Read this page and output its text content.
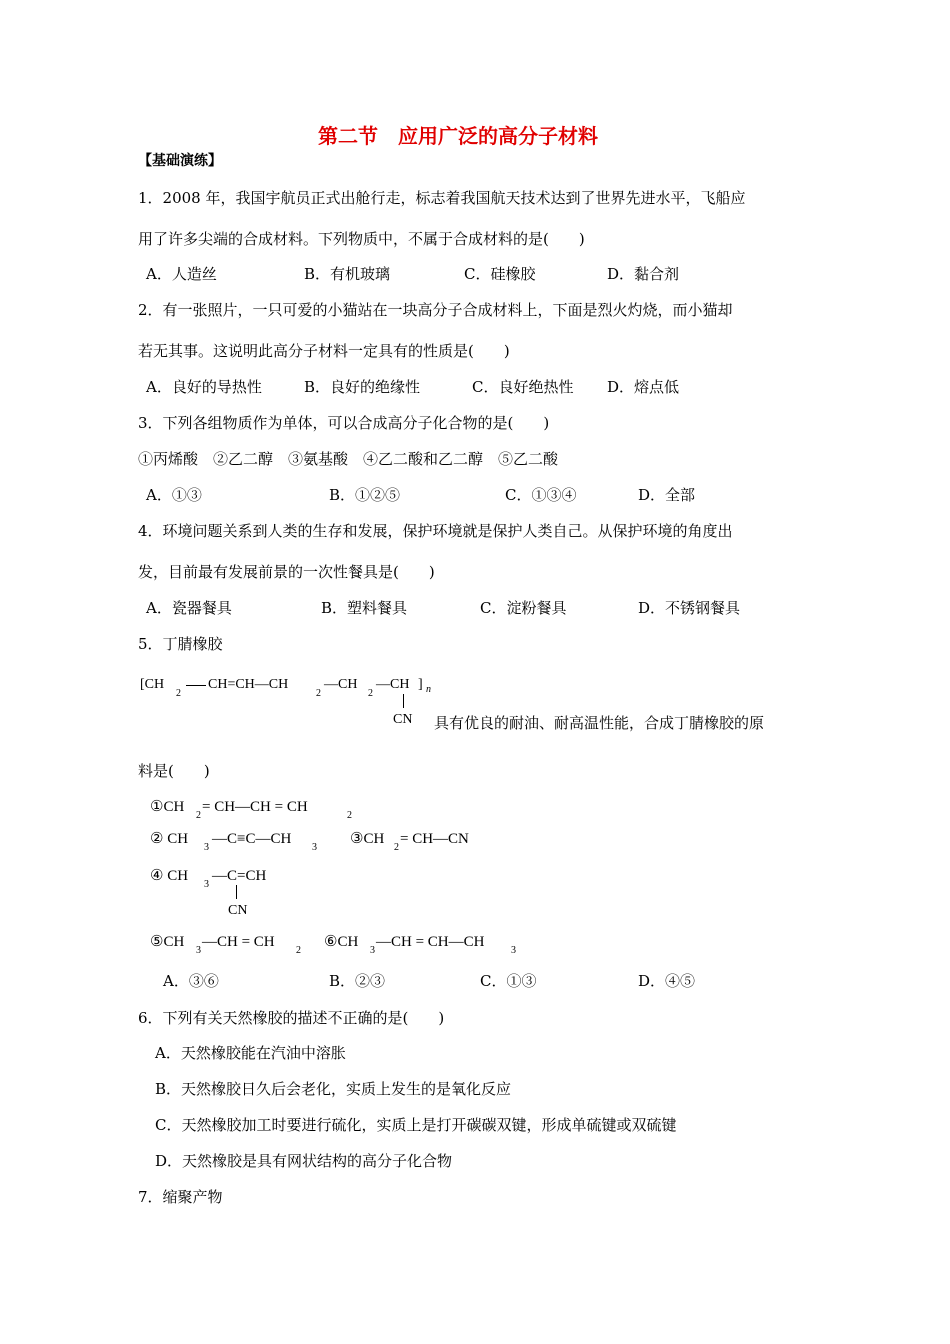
第二节　应用广泛的高分子材料
【基础演练】
1．2008 年，我国宇航员正式出舱行走，标志着我国航天技术达到了世界先进水平，飞船应
用了许多尖端的合成材料。下列物质中，不属于合成材料的是(　　)
A．人造丝	B．有机玻璃	C．硅橡胶	D．黏合剂
2．有一张照片，一只可爱的小猫站在一块高分子合成材料上，下面是烈火灼烧，而小猫却
若无其事。这说明此高分子材料一定具有的性质是(　　)
A．良好的导热性	B．良好的绝缘性	C．良好绝热性 D．熔点低
3．下列各组物质作为单体，可以合成高分子化合物的是(　　)
①丙烯酸　②乙二醇　③氨基酸　④乙二酸和乙二醇　⑤乙二酸
A．①③	B．①②⑤	C．①③④	D．全部
4．环境问题关系到人类的生存和发展，保护环境就是保护人类自己。从保护环境的角度出
发，目前最有发展前景的一次性餐具是(　　)
A．瓷器餐具	B．塑料餐具	C．淀粉餐具	D．不锈钢餐具
5．丁腈橡胶
[CH
2
CH=CH—CH
2
—CH
2
—CH ] n
CN 具有优良的耐油、耐高温性能，合成丁腈橡胶的原
料是(　　)
①CH
2
= CH—CH = CH
2
② CH
3
—C≡C—CH
3
③CH
2
= CH—CN
④ CH
3
—C=CH
CN
⑤CH
3
—CH = CH
2
⑥CH
3
—CH = CH—CH
3
A．③⑥	B．②③	C．①③	D．④⑤
6．下列有关天然橡胶的描述不正确的是(　　)
A．天然橡胶能在汽油中溶胀
B．天然橡胶日久后会老化，实质上发生的是氧化反应
C．天然橡胶加工时要进行硫化，实质上是打开碳碳双键，形成单硫键或双硫键
D．天然橡胶是具有网状结构的高分子化合物
7．缩聚产物
